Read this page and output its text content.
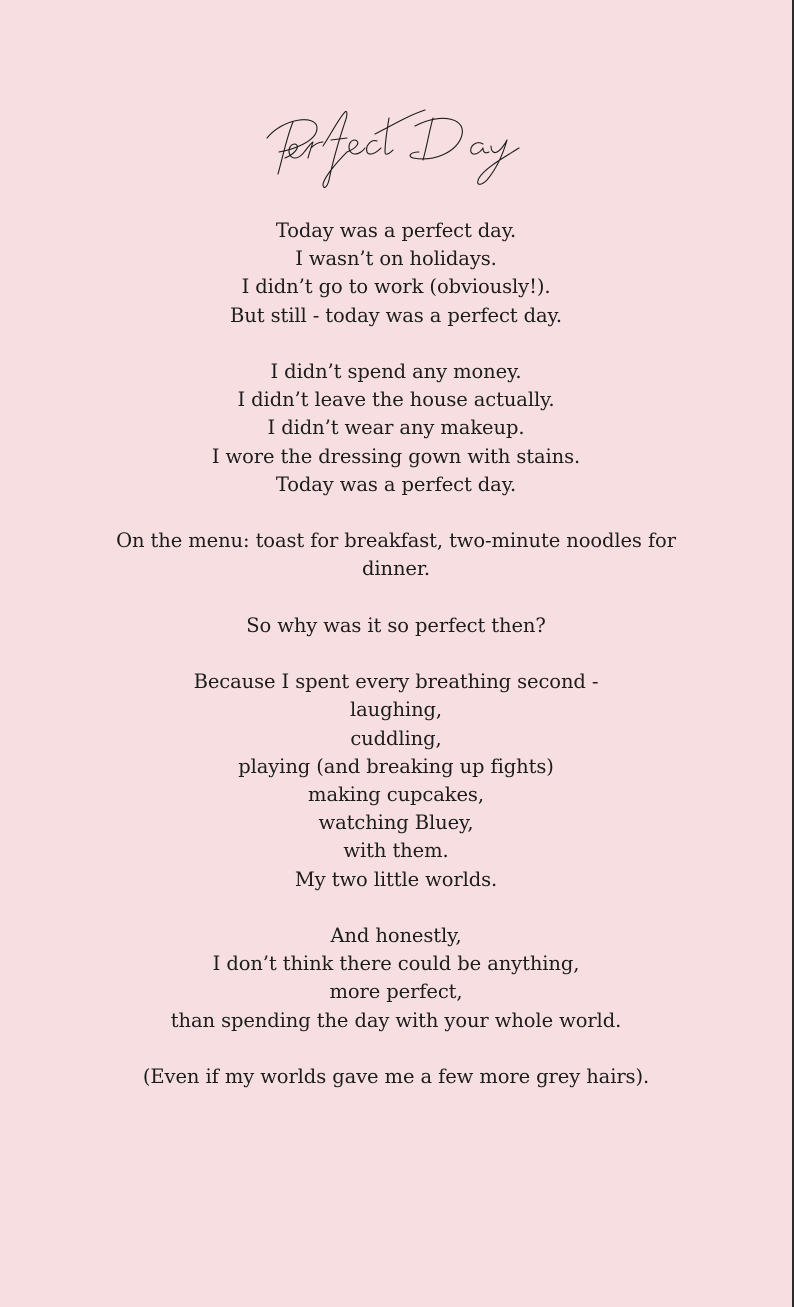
Today was a perfect day.
I wasn’t on holidays.
I didn’t go to work (obviously!).
But still - today was a perfect day.
I didn’t spend any money.
I didn’t leave the house actually.
I didn’t wear any makeup.
I wore the dressing gown with stains.
Today was a perfect day.
On the menu: toast for breakfast, two-minute noodles for dinner.
So why was it so perfect then?
Because I spent every breathing second -
laughing,
cuddling,
playing (and breaking up fights)
making cupcakes,
watching Bluey,
with them.
My two little worlds.
And honestly,
I don’t think there could be anything,
more perfect,
than spending the day with your whole world.
(Even if my worlds gave me a few more grey hairs).
